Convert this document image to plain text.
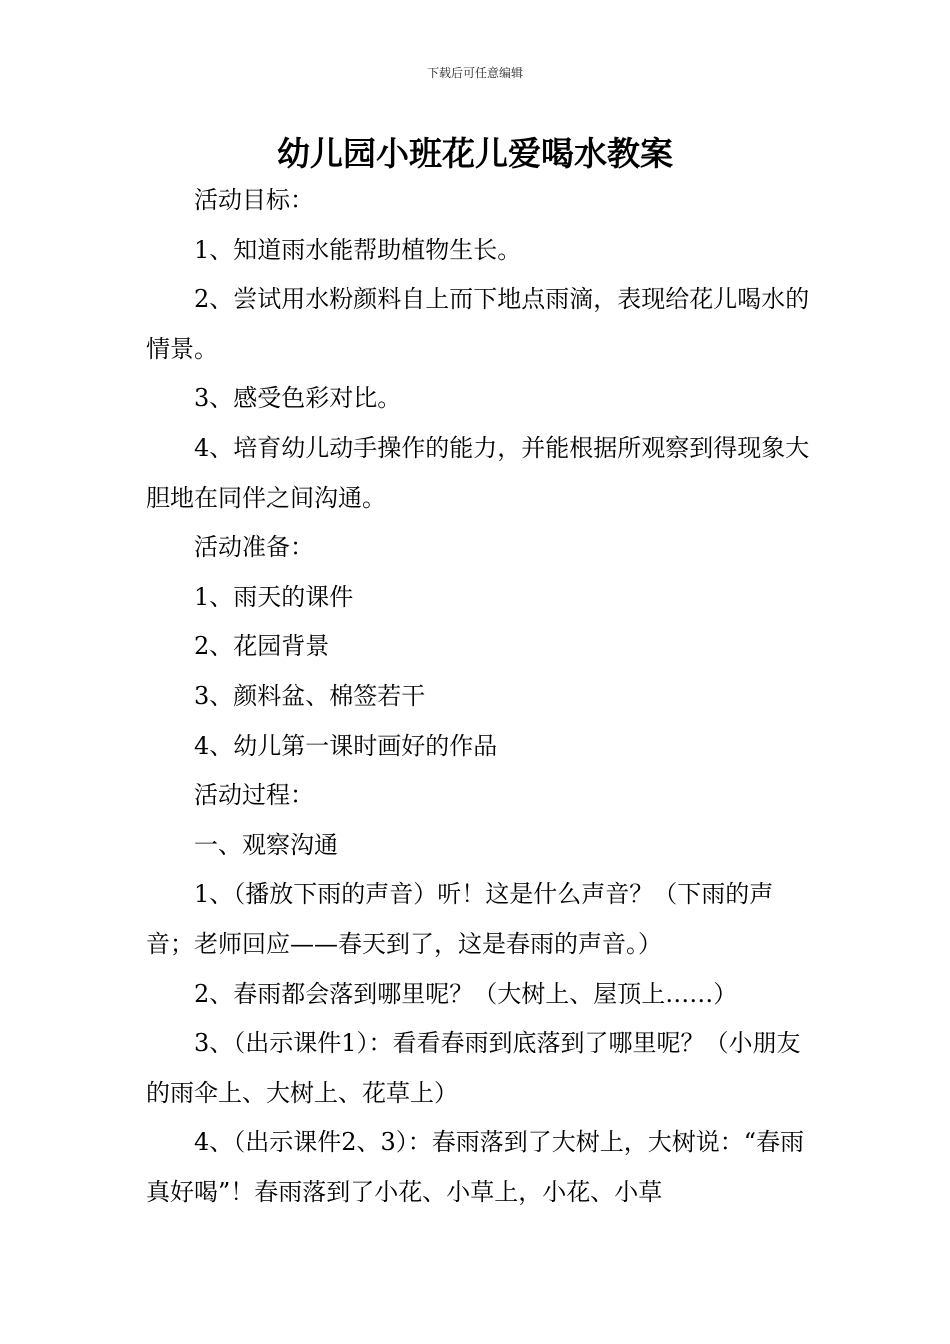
下载后可任意编辑
幼儿园小班花儿爱喝水教案

活动目标：

1、知道雨水能帮助植物生长。

2、尝试用水粉颜料自上而下地点雨滴，表现给花儿喝水的情景。

3、感受色彩对比。

4、培育幼儿动手操作的能力，并能根据所观察到得现象大胆地在同伴之间沟通。

活动准备：

1、雨天的课件

2、花园背景

3、颜料盆、棉签若干

4、幼儿第一课时画好的作品

活动过程：

一、观察沟通

1、（播放下雨的声音）听！这是什么声音？（下雨的声音；老师回应——春天到了，这是春雨的声音。）

2、春雨都会落到哪里呢？（大树上、屋顶上……）

3、（出示课件1）：看看春雨到底落到了哪里呢？（小朋友的雨伞上、大树上、花草上）

4、（出示课件2、3）：春雨落到了大树上，大树说：“春雨真好喝”！春雨落到了小花、小草上，小花、小草
